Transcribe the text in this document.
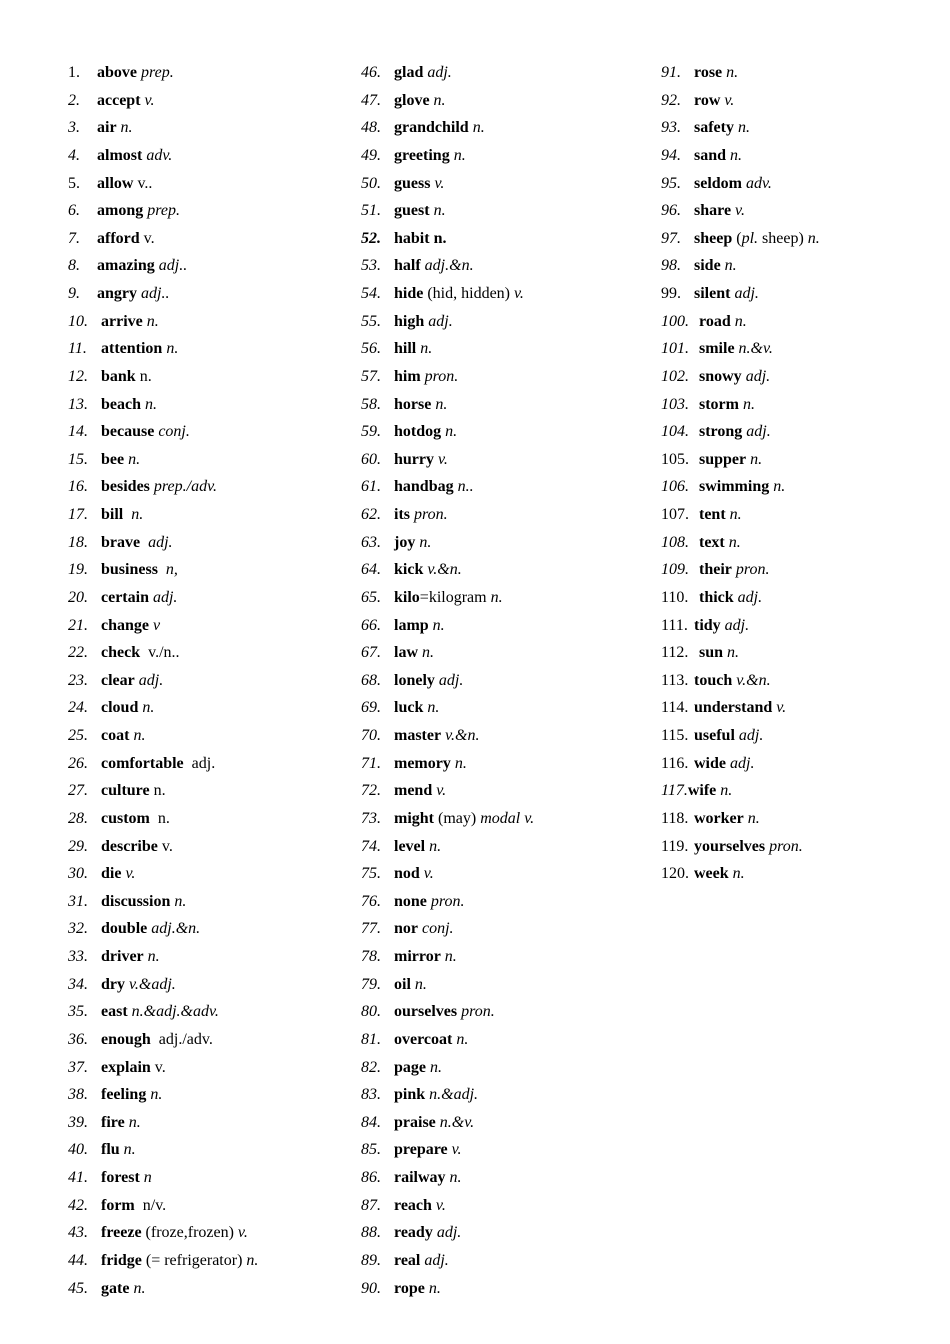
1. above prep.
2. accept v.
3. air n.
4. almost adv.
5. allow v..
6. among prep.
7. afford v.
8. amazing adj..
9. angry adj..
10. arrive n.
11. attention n.
12. bank n.
13. beach n.
14. because conj.
15. bee n.
16. besides prep./adv.
17. bill  n.
18. brave  adj.
19. business  n,
20. certain adj.
21. change v
22. check  v./n..
23. clear adj.
24. cloud n.
25. coat n.
26. comfortable  adj.
27. culture n.
28. custom  n.
29. describe v.
30. die v.
31. discussion n.
32. double adj.&n.
33. driver n.
34. dry v.&adj.
35. east n.&adj.&adv.
36. enough  adj./adv.
37. explain v.
38. feeling n.
39. fire n.
40. flu n.
41. forest n
42. form  n/v.
43. freeze (froze,frozen) v.
44. fridge (= refrigerator) n.
45. gate n.
46. glad adj.
47. glove n.
48. grandchild n.
49. greeting n.
50. guess v.
51. guest n.
52. habit n.
53. half adj.&n.
54. hide (hid, hidden) v.
55. high adj.
56. hill n.
57. him pron.
58. horse n.
59. hotdog n.
60. hurry v.
61. handbag n..
62. its pron.
63. joy n.
64. kick v.&n.
65. kilo=kilogram n.
66. lamp n.
67. law n.
68. lonely adj.
69. luck n.
70. master v.&n.
71. memory n.
72. mend v.
73. might (may) modal v.
74. level n.
75. nod v.
76. none pron.
77. nor conj.
78. mirror n.
79. oil n.
80. ourselves pron.
81. overcoat n.
82. page n.
83. pink n.&adj.
84. praise n.&v.
85. prepare v.
86. railway n.
87. reach v.
88. ready adj.
89. real adj.
90. rope n.
91. rose n.
92. row v.
93. safety n.
94. sand n.
95. seldom adv.
96. share v.
97. sheep (pl. sheep) n.
98. side n.
99. silent adj.
100. road n.
101. smile n.&v.
102. snowy adj.
103. storm n.
104. strong adj.
105. supper n.
106. swimming n.
107. tent n.
108. text n.
109. their pron.
110. thick adj.
111. tidy adj.
112. sun n.
113. touch v.&n.
114. understand v.
115. useful adj.
116. wide adj.
117.wife n.
118. worker n.
119. yourselves pron.
120. week n.
